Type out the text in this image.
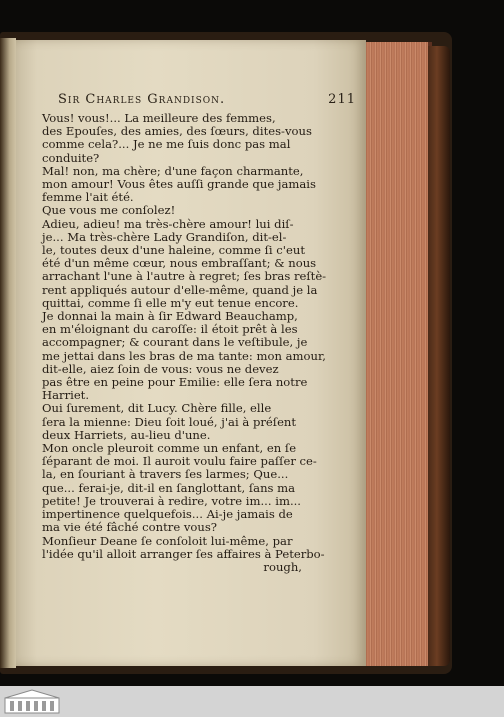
Sir Charles Grandison.	211
Vous! vous!... La meilleure des femmes,
des Epouſes, des amies, des ſœurs, dites-vous
comme cela?... Je ne me ſuis donc pas mal
conduite?
Mal! non, ma chère; d'une façon charmante,
mon amour! Vous êtes auſſi grande que jamais
femme l'ait été.
Que vous me conſolez!
Adieu, adieu! ma très-chère amour! lui diſ-
je... Ma très-chère Lady Grandiſon, dit-el-
le, toutes deux d'une haleine, comme ſi c'eut
été d'un même cœur, nous embraſſant; & nous
arrachant l'une à l'autre à regret; ſes bras reſtè-
rent appliqués autour d'elle-même, quand je la
quittai, comme ſi elle m'y eut tenue encore.
Je donnai la main à ſir Edward Beauchamp,
en m'éloignant du caroſſe: il étoit prêt à les
accompagner; & courant dans le veſtibule, je
me jettai dans les bras de ma tante: mon amour,
dit-elle, aiez ſoin de vous: vous ne devez
pas être en peine pour Emilie: elle ſera notre
Harriet.
Oui ſurement, dit Lucy. Chère fille, elle
ſera la mienne: Dieu ſoit loué, j'ai à préſent
deux Harriets, au-lieu d'une.
Mon oncle pleuroit comme un enfant, en ſe
ſéparant de moi. Il auroit voulu faire paſſer ce-
la, en ſouriant à travers ſes larmes; Que...
que... ferai-je, dit-il en ſanglottant, ſans ma
petite! Je trouverai à redire, votre im... im...
impertinence quelquefois... Ai-je jamais de
ma vie été fâché contre vous?
Monſieur Deane ſe conſoloit lui-même, par
l'idée qu'il alloit arranger ſes affaires à Peterbo-
rough,
